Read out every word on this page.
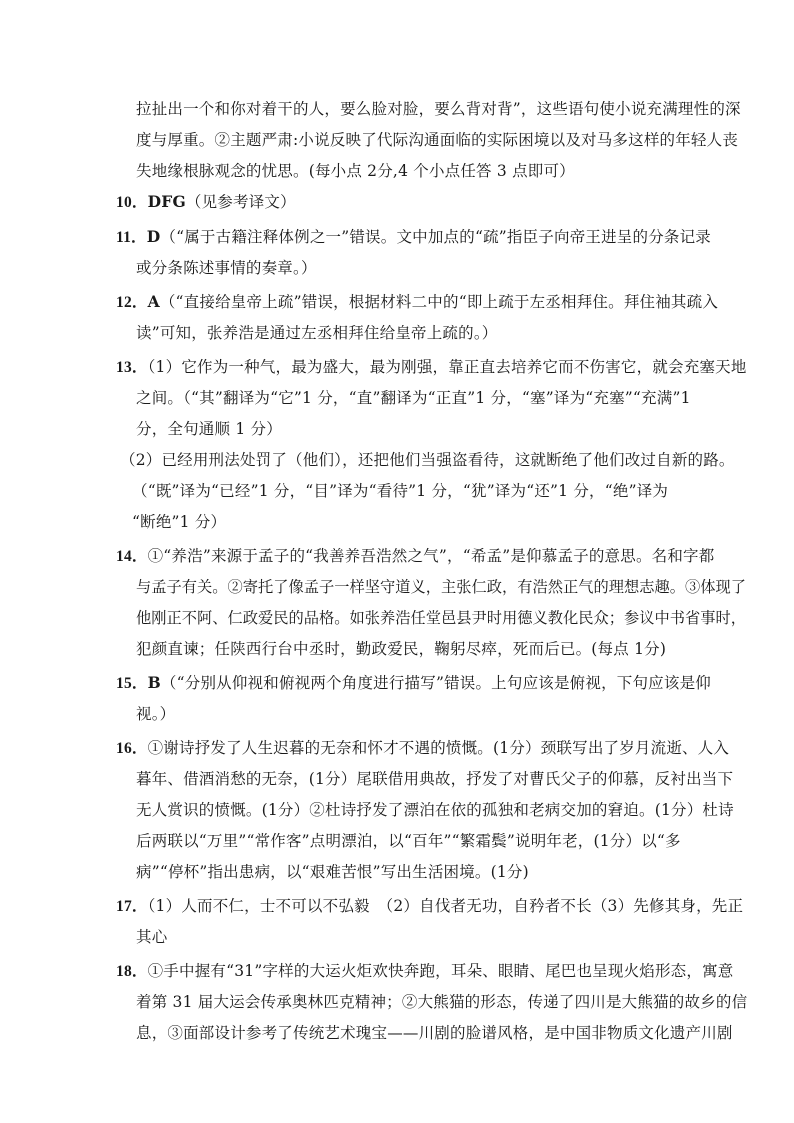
拉扯出一个和你对着干的人，要么脸对脸，要么背对背”，这些语句使小说充满理性的深
度与厚重。②主题严肃:小说反映了代际沟通面临的实际困境以及对马多这样的年轻人丧
失地缘根脉观念的忧思。(每小点 2分,4 个小点任答 3 点即可）
10．DFG（见参考译文）
11．D（“属于古籍注释体例之一”错误。文中加点的“疏”指臣子向帝王进呈的分条记录
或分条陈述事情的奏章。）
12．A（“直接给皇帝上疏”错误，根据材料二中的“即上疏于左丞相拜住。拜住袖其疏入
读”可知，张养浩是通过左丞相拜住给皇帝上疏的。）
13．（1）它作为一种气，最为盛大，最为刚强，靠正直去培养它而不伤害它，就会充塞天地
之间。（“其”翻译为“它”1 分，“直”翻译为“正直”1 分，“塞”译为“充塞”“充满”1
分，全句通顺 1 分）
（2）已经用刑法处罚了（他们），还把他们当强盗看待，这就断绝了他们改过自新的路。
（“既”译为“已经”1 分，“目”译为“看待”1 分，“犹”译为“还”1 分，“绝”译为
“断绝”1 分）
14．①“养浩”来源于孟子的“我善养吾浩然之气”，“希孟”是仰慕孟子的意思。名和字都
与孟子有关。②寄托了像孟子一样坚守道义，主张仁政，有浩然正气的理想志趣。③体现了
他刚正不阿、仁政爱民的品格。如张养浩任堂邑县尹时用德义教化民众；参议中书省事时，
犯颜直谏；任陕西行台中丞时，勤政爱民，鞠躬尽瘁，死而后已。(每点 1分)
15．B（“分别从仰视和俯视两个角度进行描写”错误。上句应该是俯视，下句应该是仰
视。）
16．①谢诗抒发了人生迟暮的无奈和怀才不遇的愤慨。(1分）颈联写出了岁月流逝、人入
暮年、借酒消愁的无奈，(1分）尾联借用典故，抒发了对曹氏父子的仰慕，反衬出当下
无人赏识的愤慨。(1分）②杜诗抒发了漂泊在依的孤独和老病交加的窘迫。(1分）杜诗
后两联以“万里”“常作客”点明漂泊，以“百年”“繁霜鬓”说明年老，(1分）以“多
病”“停杯”指出患病，以“艰难苦恨”写出生活困境。(1分)
17．（1）人而不仁，士不可以不弘毅　（2）自伐者无功，自矜者不长（3）先修其身，先正
其心
18．①手中握有“31”字样的大运火炬欢快奔跑，耳朵、眼睛、尾巴也呈现火焰形态，寓意
着第 31 届大运会传承奥林匹克精神；②大熊猫的形态，传递了四川是大熊猫的故乡的信
息，③面部设计参考了传统艺术瑰宝——川剧的脸谱风格，是中国非物质文化遗产川剧
